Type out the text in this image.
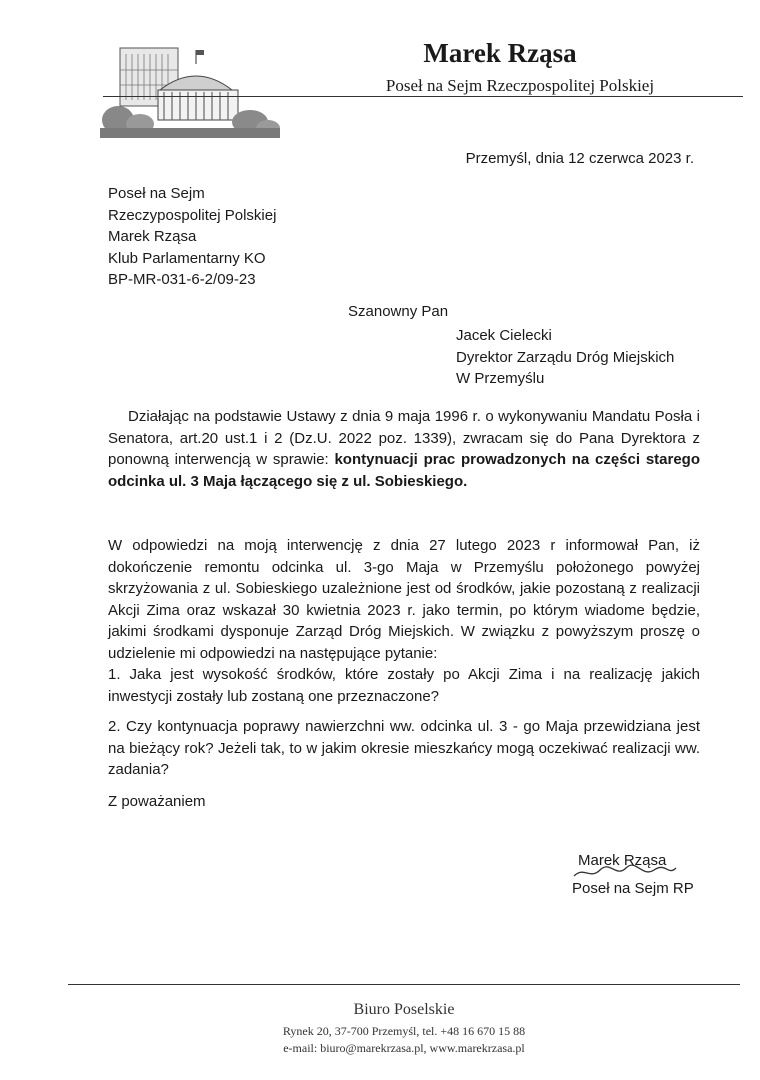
Marek Rząsa
Poseł na Sejm Rzeczpospolitej Polskiej
Przemyśl, dnia 12 czerwca 2023 r.
Poseł na Sejm
Rzeczypospolitej Polskiej
Marek Rząsa
Klub Parlamentarny KO
BP-MR-031-6-2/09-23
Szanowny Pan
Jacek Cielecki
Dyrektor Zarządu Dróg Miejskich
W Przemyślu
Działając na podstawie Ustawy z dnia 9 maja 1996 r. o wykonywaniu Mandatu Posła i Senatora, art.20 ust.1 i 2 (Dz.U. 2022 poz. 1339), zwracam się do Pana Dyrektora z ponowną interwencją w sprawie: kontynuacji prac prowadzonych na części starego odcinka ul. 3 Maja łączącego się z ul. Sobieskiego.
W odpowiedzi na moją interwencję z dnia 27 lutego 2023 r informował Pan, iż dokończenie remontu odcinka ul. 3-go Maja w Przemyślu położonego powyżej skrzyżowania z ul. Sobieskiego uzależnione jest od środków, jakie pozostaną z realizacji Akcji Zima oraz wskazał 30 kwietnia 2023 r. jako termin, po którym wiadome będzie, jakimi środkami dysponuje Zarząd Dróg Miejskich. W związku z powyższym proszę o udzielenie mi odpowiedzi na następujące pytanie:
1. Jaka jest wysokość środków, które zostały po Akcji Zima i na realizację jakich inwestycji zostały lub zostaną one przeznaczone?
2. Czy kontynuacja poprawy nawierzchni ww. odcinka ul. 3 - go Maja przewidziana jest na bieżący rok? Jeżeli tak, to w jakim okresie mieszkańcy mogą oczekiwać realizacji ww. zadania?
Z poważaniem
Marek Rząsa
Poseł na Sejm RP
Biuro Poselskie
Rynek 20, 37-700 Przemyśl, tel. +48 16 670 15 88
e-mail: biuro@marekrzasa.pl, www.marekrzasa.pl
